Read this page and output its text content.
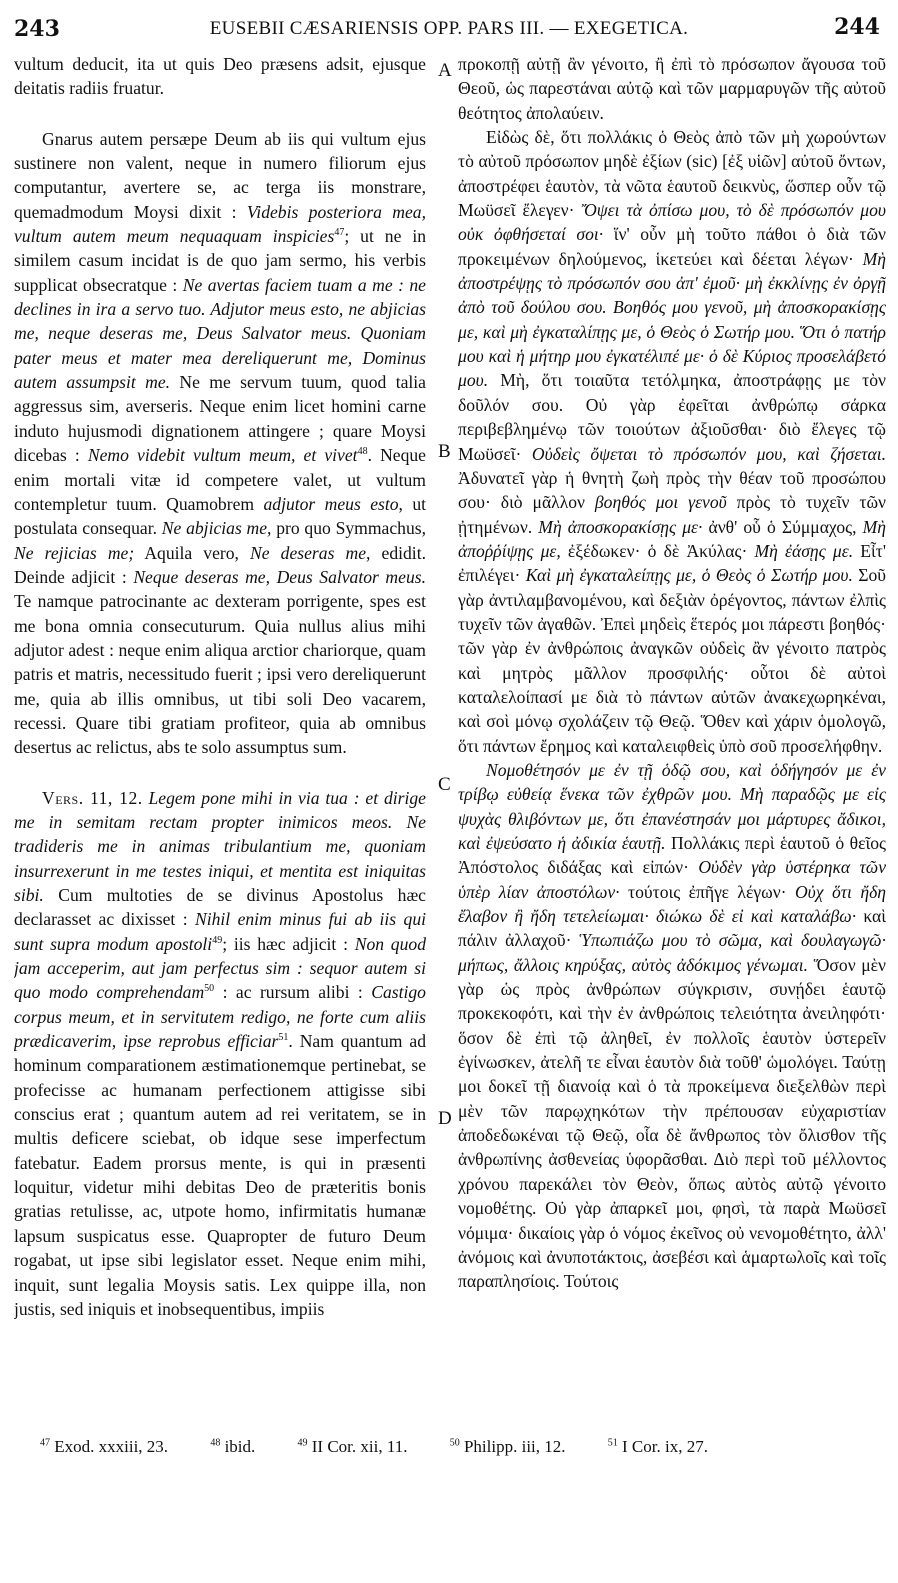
243	EUSEBII CÆSARIENSIS OPP. PARS III. — EXEGETICA.	244

vultum deducit, ita ut quis Deo præsens adsit, ejusque deitatis radiis fruatur.

Gnarus autem persæpe Deum ab iis qui vultum ejus sustinere non valent, neque in numero filiorum ejus computantur, avertere se, ac terga iis monstrare, quemadmodum Moysi dixit : Videbis posteriora mea, vultum autem meum nequaquam inspicies$^{47}$; ut ne in similem casum incidat is de quo jam sermo, his verbis supplicat obsecratque : Ne avertas faciem tuam a me : ne declines in ira a servo tuo. Adjutor meus esto, ne abjicias me, neque deseras me, Deus Salvator meus. Quoniam pater meus et mater mea dereliquerunt me, Dominus autem assumpsit me. Ne me servum tuum, quod talia aggressus sim, averseris. Neque enim licet homini carne induto hujusmodi dignationem attingere ; quare Moysi dicebas : Nemo videbit vultum meum, et vivet$^{48}$. Neque enim mortali vitæ id competere valet, ut vultum contempletur tuum. Quamobrem adjutor meus esto, ut postulata consequar. Ne abjicias me, pro quo Symmachus, Ne rejicias me; Aquila vero, Ne deseras me, edidit. Deinde adjicit : Neque deseras me, Deus Salvator meus. Te namque patrocinante ac dexteram porrigente, spes est me bona omnia consecuturum. Quia nullus alius mihi adjutor adest : neque enim aliqua arctior chariorque, quam patris et matris, necessitudo fuerit ; ipsi vero dereliquerunt me, quia ab illis omnibus, ut tibi soli Deo vacarem, recessi. Quare tibi gratiam profiteor, quia ab omnibus desertus ac relictus, abs te solo assumptus sum.

Vers. 11, 12. Legem pone mihi in via tua : et dirige me in semitam rectam propter inimicos meos. Ne tradideris me in animas tribulantium me, quoniam insurrexerunt in me testes iniqui, et mentita est iniquitas sibi. Cum multoties de se divinus Apostolus hæc declarasset ac dixisset : Nihil enim minus fui ab iis qui sunt supra modum apostoli$^{49}$; iis hæc adjicit : Non quod jam acceperim, aut jam perfectus sim : sequor autem si quo modo comprehendam$^{50}$ : ac rursum alibi : Castigo corpus meum, et in servitutem redigo, ne forte cum aliis prædicaverim, ipse reprobus efficiar$^{51}$. Nam quantum ad hominum comparationem æstimationemque pertinebat, se profecisse ac humanam perfectionem attigisse sibi conscius erat ; quantum autem ad rei veritatem, se in multis deficere sciebat, ob idque sese imperfectum fatebatur. Eadem prorsus mente, is qui in præsenti loquitur, videtur mihi debitas Deo de præteritis bonis gratias retulisse, ac, utpote homo, infirmitatis humanæ lapsum suspicatus esse. Quapropter de futuro Deum rogabat, ut ipse sibi legislator esset. Neque enim mihi, inquit, sunt legalia Moysis satis. Lex quippe illa, non justis, sed iniquis et inobsequentibus, impiis

A
B
C
D

προκοπῇ αὐτῇ ἂν γένοιτο, ἢ ἐπὶ τὸ πρόσωπον ἄγουσα τοῦ Θεοῦ, ὡς παρεστάναι αὐτῷ καὶ τῶν μαρμαρυγῶν τῆς αὐτοῦ θεότητος ἀπολαύειν.

Εἰδὼς δὲ, ὅτι πολλάκις ὁ Θεὸς ἀπὸ τῶν μὴ χωρούντων τὸ αὐτοῦ πρόσωπον μηδὲ ἐξίων (sic) [ἐξ υἱῶν] αὐτοῦ ὄντων, ἀποστρέφει ἑαυτὸν, τὰ νῶτα ἑαυτοῦ δεικνὺς, ὥσπερ οὖν τῷ Μωϋσεῖ ἔλεγεν· Ὄψει τὰ ὀπίσω μου, τὸ δὲ πρόσωπόν μου οὐκ ὀφθήσεταί σοι· ἵν' οὖν μὴ τοῦτο πάθοι ὁ διὰ τῶν προκειμένων δηλούμενος, ἱκετεύει καὶ δέεται λέγων· Μὴ ἀποστρέψῃς τὸ πρόσωπόν σου ἀπ' ἐμοῦ· μὴ ἐκκλίνῃς ἐν ὀργῇ ἀπὸ τοῦ δούλου σου. Βοηθός μου γενοῦ, μὴ ἀποσκορακίσῃς με, καὶ μὴ ἐγκαταλίπῃς με, ὁ Θεὸς ὁ Σωτήρ μου. Ὅτι ὁ πατήρ μου καὶ ἡ μήτηρ μου ἐγκατέλιπέ με· ὁ δὲ Κύριος προσελάβετό μου. Μὴ, ὅτι τοιαῦτα τετόλμηκα, ἀποστράφῃς με τὸν δοῦλόν σου. Οὐ γὰρ ἐφεῖται ἀνθρώπῳ σάρκα περιβεβλημένῳ τῶν τοιούτων ἀξιοῦσθαι· διὸ ἔλεγες τῷ Μωϋσεῖ· Οὐδεὶς ὄψεται τὸ πρόσωπόν μου, καὶ ζήσεται. Ἀδυνατεῖ γὰρ ἡ θνητὴ ζωὴ πρὸς τὴν θέαν τοῦ προσώπου σου· διὸ μᾶλλον βοηθός μοι γενοῦ πρὸς τὸ τυχεῖν τῶν ᾐτημένων. Μὴ ἀποσκορακίσῃς με· ἀνθ' οὗ ὁ Σύμμαχος, Μὴ ἀποῤῥίψῃς με, ἐξέδωκεν· ὁ δὲ Ἀκύλας· Μὴ ἐάσῃς με. Εἶτ' ἐπιλέγει· Καὶ μὴ ἐγκαταλείπῃς με, ὁ Θεὸς ὁ Σωτήρ μου. Σοῦ γὰρ ἀντιλαμβανομένου, καὶ δεξιὰν ὀρέγοντος, πάντων ἐλπὶς τυχεῖν τῶν ἀγαθῶν. Ἐπεὶ μηδεὶς ἕτερός μοι πάρεστι βοηθός· τῶν γὰρ ἐν ἀνθρώποις ἀναγκῶν οὐδεὶς ἂν γένοιτο πατρὸς καὶ μητρὸς μᾶλλον προσφιλής· οὗτοι δὲ αὐτοὶ καταλελοίπασί με διὰ τὸ πάντων αὐτῶν ἀνακεχωρηκέναι, καὶ σοὶ μόνῳ σχολάζειν τῷ Θεῷ. Ὅθεν καὶ χάριν ὁμολογῶ, ὅτι πάντων ἔρημος καὶ καταλειφθεὶς ὑπὸ σοῦ προσελήφθην.

Νομοθέτησόν με ἐν τῇ ὁδῷ σου, καὶ ὁδήγησόν με ἐν τρίβῳ εὐθείᾳ ἕνεκα τῶν ἐχθρῶν μου. Μὴ παραδῷς με εἰς ψυχὰς θλιβόντων με, ὅτι ἐπανέστησάν μοι μάρτυρες ἄδικοι, καὶ ἐψεύσατο ἡ ἀδικία ἑαυτῇ. Πολλάκις περὶ ἑαυτοῦ ὁ θεῖος Ἀπόστολος διδάξας καὶ εἰπών· Οὐδὲν γὰρ ὑστέρηκα τῶν ὑπὲρ λίαν ἀποστόλων· τούτοις ἐπῆγε λέγων· Οὐχ ὅτι ἤδη ἔλαβον ἢ ἤδη τετελείωμαι· διώκω δὲ εἰ καὶ καταλάβω· καὶ πάλιν ἀλλαχοῦ· Ὑπωπιάζω μου τὸ σῶμα, καὶ δουλαγωγῶ· μήπως, ἄλλοις κηρύξας, αὐτὸς ἀδόκιμος γένωμαι. Ὅσον μὲν γὰρ ὡς πρὸς ἀνθρώπων σύγκρισιν, συνῄδει ἑαυτῷ προκεκοφότι, καὶ τὴν ἐν ἀνθρώποις τελειότητα ἀνειληφότι· ὅσον δὲ ἐπὶ τῷ ἀληθεῖ, ἐν πολλοῖς ἑαυτὸν ὑστερεῖν ἐγίνωσκεν, ἀτελῆ τε εἶναι ἑαυτὸν διὰ τοῦθ' ὡμολόγει. Ταύτῃ μοι δοκεῖ τῇ διανοίᾳ καὶ ὁ τὰ προκείμενα διεξελθὼν περὶ μὲν τῶν παρῳχηκότων τὴν πρέπουσαν εὐχαριστίαν ἀποδεδωκέναι τῷ Θεῷ, οἷα δὲ ἄνθρωπος τὸν ὄλισθον τῆς ἀνθρωπίνης ἀσθενείας ὑφορᾶσθαι. Διὸ περὶ τοῦ μέλλοντος χρόνου παρεκάλει τὸν Θεὸν, ὅπως αὐτὸς αὐτῷ γένοιτο νομοθέτης. Οὐ γὰρ ἀπαρκεῖ μοι, φησὶ, τὰ παρὰ Μωϋσεῖ νόμιμα· δικαίοις γὰρ ὁ νόμος ἐκεῖνος οὐ νενομοθέτητο, ἀλλ' ἀνόμοις καὶ ἀνυποτάκτοις, ἀσεβέσι καὶ ἁμαρτωλοῖς καὶ τοῖς παραπλησίοις. Τούτοις

$^{47}$ Exod. xxxiii, 23.	$^{48}$ ibid.	$^{49}$ II Cor. xii, 11.	$^{50}$ Philipp. iii, 12.	$^{51}$ I Cor. ix, 27.
